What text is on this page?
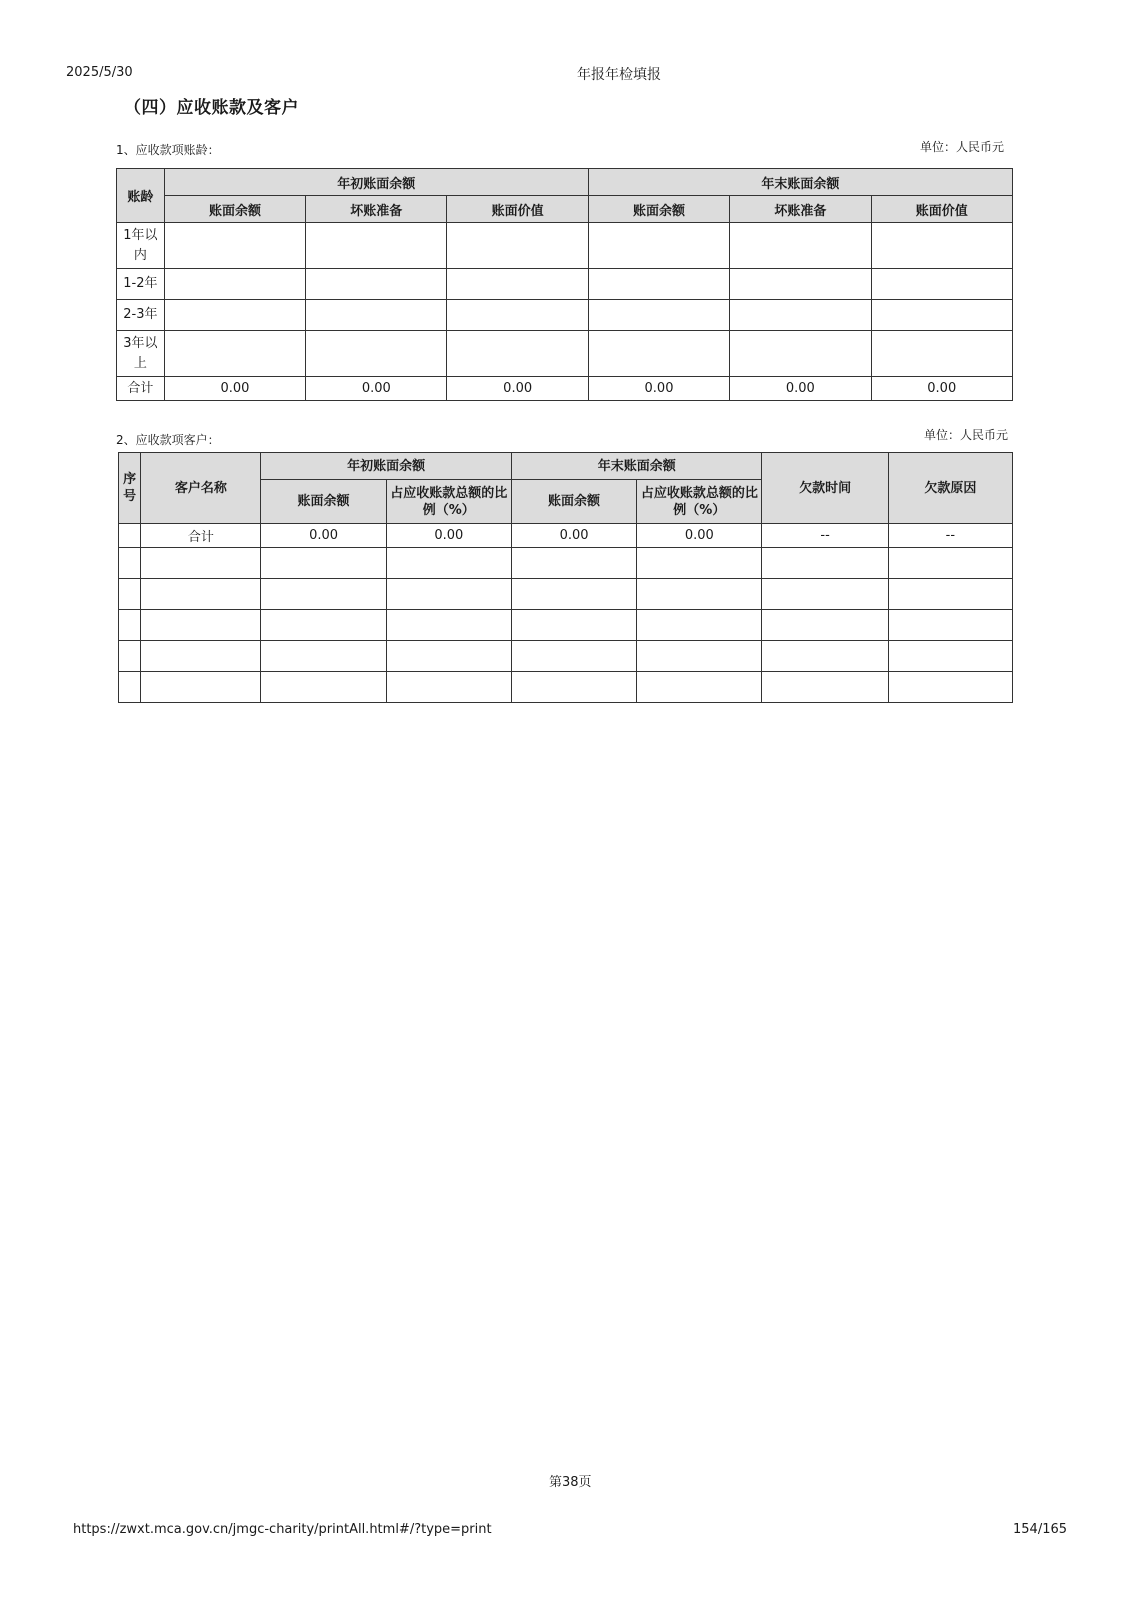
2025/5/30	年报年检填报
（四）应收账款及客户
1、应收款项账龄：	单位：人民币元
账龄	年初账面余额			年末账面余额		
	账面余额	坏账准备	账面价值	账面余额	坏账准备	账面价值
1年以内						
1-2年						
2-3年						
3年以上						
合计	0.00	0.00	0.00	0.00	0.00	0.00
2、应收款项客户：	单位：人民币元
序号	客户名称	年初账面余额		年末账面余额		欠款时间	欠款原因
		账面余额	占应收账款总额的比例（%）	账面余额	占应收账款总额的比例（%）		
	合计	0.00	0.00	0.00	0.00	--	--

第38页
https://zwxt.mca.gov.cn/jmgc-charity/printAll.html#/?type=print	154/165
